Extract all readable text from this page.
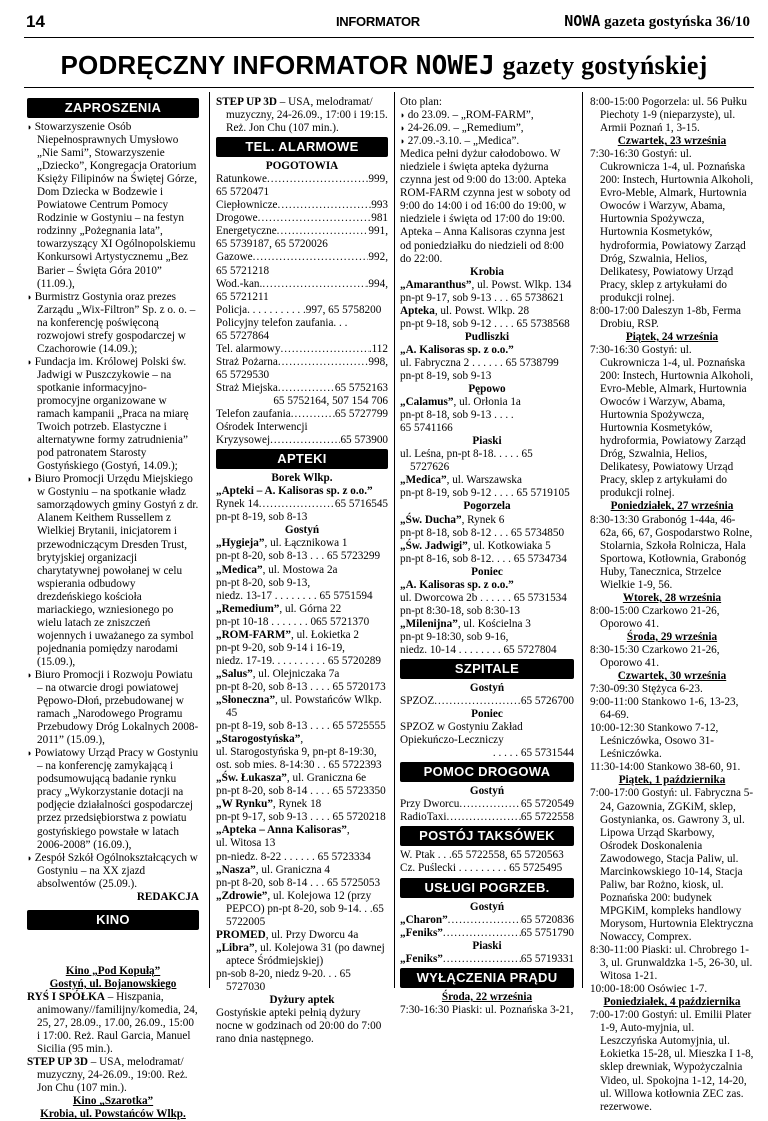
14	INFORMATOR	NOWA gazeta gostyńska 36/10
PODRĘCZNY INFORMATOR NOWEJ gazety gostyńskiej
ZAPROSZENIA

◗ Stowarzyszenie Osób Niepełnosprawnych Umysłowo „Nie Sami”, Stowarzyszenie „Dziecko”, Kongregacja Oratorium Księży Filipinów na Świętej Górze, Dom Dziecka w Bodzewie i Powiatowe Centrum Pomocy Rodzinie w Gostyniu – na festyn rodzinny „Pożegnania lata”, towarzyszący XI Ogólnopolskiemu Konkursowi Artystycznemu „Bez Barier – Święta Góra 2010” (11.09.),

◗ Burmistrz Gostynia oraz prezes Zarządu „Wix-Filtron” Sp. z o. o. – na konferencję poświęconą rozwojowi strefy gospodarczej w Czachorowie (14.09.);

◗ Fundacja im. Królowej Polski św. Jadwigi w Puszczykowie – na spotkanie informacyjno-promocyjne organizowane w ramach kampanii „Praca na miarę Twoich potrzeb. Elastyczne i alternatywne formy zatrudnienia” pod patronatem Starosty Gostyńskiego (Gostyń, 14.09.);

◗ Biuro Promocji Urzędu Miejskiego w Gostyniu – na spotkanie władz samorządowych gminy Gostyń z dr. Alanem Keithem Russellem z Wielkiej Brytanii, inicjatorem i przewodniczącym Dresden Trust, brytyjskiej organizacji charytatywnej powołanej w celu wspierania odbudowy drezdeńskiego kościoła mariackiego, wzniesionego po wielu latach ze zniszczeń wojennych i uważanego za symbol pojednania pomiędzy narodami (15.09.),

◗ Biuro Promocji i Rozwoju Powiatu – na otwarcie drogi powiatowej Pępowo-Dłoń, przebudowanej w ramach „Narodowego Programu Przebudowy Dróg Lokalnych 2008-2011” (15.09.),

◗ Powiatowy Urząd Pracy w Gostyniu – na konferencję zamykającą i podsumowującą badanie rynku pracy „Wykorzystanie dotacji na podjęcie działalności gospodarczej przez przedsiębiorstwa z powiatu gostyńskiego powstałe w latach 2006-2008” (16.09.),

◗ Zespół Szkół Ogólnokształcących w Gostyniu – na XX zjazd absolwentów (25.09.).

REDAKCJA
KINO
Kino „Pod Kopułą”
Gostyń, ul. Bojanowskiego

RYŚ I SPÓŁKA – Hiszpania, animowany//familijny/komedia, 24, 25, 27, 28.09., 17.00, 26.09., 15:00 i 17:00. Reż. Raul Garcia, Manuel Sicilia (95 min.).

STEP UP 3D – USA, melodramat/ muzyczny, 24-26.09., 19:00. Reż. Jon Chu (107 min.).

Kino „Szarotka”
Krobia, ul. Powstańców Wlkp.

STEP UP 3D – USA, melodramat/ muzyczny, 24-26.09., 17:00 i 19:15. Reż. Jon Chu (107 min.).

TEL. ALARMOWE
POGOTOWIA
Ratunkowe .....	.999,
65 5720471
Ciepłownicze .....	993
Drogowe .....	981
Energetyczne .....	991,
65 5739187, 65 5720026
Gazowe .....	992,
65 5721218
Wod.-kan. .....	.994,
65 5721211
Policja. . . . . . . . . . .997, 65 5758200
Policyjny telefon zaufania. . .
65 5727864
Tel. alarmowy .....	.112
Straż Pożarna .....	998,
65 5729530
Straż Miejska .....	65 5752163
65 5752164, 507 154 706
Telefon zaufania .....	65 5727799
Ośrodek Interwencji
Kryzysowej .....	65 573900
APTEKI
Borek Wlkp.
„Apteki – A. Kalisoras sp. z o.o.”
Rynek 14 .....	65 5716545
pn-pt 8-19, sob 8-13
Gostyń
„Hygieja”, ul. Łącznikowa 1
pn-pt 8-20, sob 8-13 . . . 65 5723299
„Medica”, ul. Mostowa 2a
pn-pt 8-20, sob 9-13,
niedz. 13-17 . . . . . . . . 65 5751594
„Remedium”, ul. Górna 22
pn-pt 10-18 . . . . . . . 065 5721370
„ROM-FARM”, ul. Łokietka 2
pn-pt 9-20, sob 9-14 i 16-19,
niedz. 17-19. . . . . . . . . . 65 5720289
„Salus”, ul. Olejniczaka 7a
pn-pt 8-20, sob 8-13 . . . . 65 5720173
„Słoneczna”, ul. Powstańców Wlkp. 45
pn-pt 8-19, sob 8-13 . . . . 65 5725555
„Starogostyńska”,
ul. Starogostyńska 9, pn-pt 8-19:30,
ost. sob mies. 8-14:30 . . 65 5722393
„Św. Łukasza”, ul. Graniczna 6e
pn-pt 8-20, sob 8-14 . . . . 65 5723350
„W Rynku”, Rynek 18
pn-pt 9-17, sob 9-13 . . . . 65 5720218
„Apteka – Anna Kalisoras”,
ul. Witosa 13
pn-niedz. 8-22 . . . . . . 65 5723334
„Nasza”, ul. Graniczna 4
pn-pt 8-20, sob 8-14 . . . 65 5725053
„Zdrowie”, ul. Kolejowa 12 (przy PEPCO) pn-pt 8-20, sob 9-14. . .65 5722005
PROMED, ul. Przy Dworcu 4a
„Libra”, ul. Kolejowa 31 (po dawnej aptece Śródmiejskiej)
pn-sob 8-20, niedz 9-20. . . 65 5727030
Dyżury aptek
Gostyńskie apteki pełnią dyżury nocne w godzinach od 20:00 do 7:00 rano dnia następnego.
Oto plan:
◗ do 23.09. – „ROM-FARM”,
◗ 24-26.09. – „Remedium”,
◗ 27.09.-3.10. – „Medica”.
Medica pełni dyżur całodobowo. W niedziele i święta apteka dyżurna czynna jest od 9:00 do 13:00. Apteka ROM-FARM czynna jest w soboty od 9:00 do 14:00 i od 16:00 do 19:00, w niedziele i święta od 17:00 do 19:00. Apteka – Anna Kalisoras czynna jest od poniedziałku do niedzieli od 8:00 do 22:00.
Krobia
„Amaranthus”, ul. Powst. Wlkp. 134
pn-pt 9-17, sob 9-13 . . . 65 5738621
Apteka, ul. Powst. Wlkp. 28
pn-pt 9-18, sob 9-12 . . . . 65 5738568
Pudliszki
„A. Kalisoras sp. z o.o.”
ul. Fabryczna 2 . . . . . . 65 5738799
pn-pt 8-19, sob 9-13
Pępowo
„Calamus”, ul. Orłonia 1a
pn-pt 8-18, sob 9-13 . . . .
65 5741166
Piaski
ul. Leśna, pn-pt 8-18. . . . . 65 5727626
„Medica”, ul. Warszawska
pn-pt 8-19, sob 9-12 . . . . 65 5719105
Pogorzela
„Św. Ducha”, Rynek 6
pn-pt 8-18, sob 8-12 . . . 65 5734850
„Św. Jadwigi”, ul. Kotkowiaka 5
pn-pt 8-16, sob 8-12. . . . 65 5734734
Poniec
„A. Kalisoras sp. z o.o.”
ul. Dworcowa 2b . . . . . . 65 5731534
pn-pt 8:30-18, sob 8:30-13
„Milenijna”, ul. Kościelna 3
pn-pt 9-18:30, sob 9-16,
niedz. 10-14 . . . . . . . . 65 5727804
SZPITALE
Gostyń
SPZOZ .....	65 5726700
Poniec
SPZOZ w Gostyniu Zakład Opiekuńczo-Leczniczy
. . . . . 65 5731544
POMOC DROGOWA
Gostyń
Przy Dworcu .....	65 5720549
RadioTaxi .....	65 5722558
POSTÓJ TAKSÓWEK
W. Ptak . . .65 5722558, 65 5720563
Cz. Puślecki . . . . . . . . . 65 5725495
USŁUGI POGRZEB.
Gostyń
„Charon” .....	65 5720836
„Feniks” .....	65 5751790
Piaski
„Feniks” .....	65 5719331
WYŁĄCZENIA PRĄDU
Środa, 22 września
7:30-16:30 Piaski: ul. Poznańska 3-21,
8:00-15:00 Pogorzela: ul. 56 Pułku Piechoty 1-9 (nieparzyste), ul. Armii Poznań 1, 3-15.
Czwartek, 23 września
7:30-16:30 Gostyń: ul. Cukrownicza 1-4, ul. Poznańska 200: Instech, Hurtownia Alkoholi, Evro-Meble, Almark, Hurtownia Owoców i Warzyw, Abama, Hurtownia Spożywcza, Hurtownia Kosmetyków, hydroformia, Powiatowy Zarząd Dróg, Szwalnia, Helios, Delikatesy, Powiatowy Urząd Pracy, sklep z artykułami do produkcji rolnej.
8:00-17:00 Daleszyn 1-8b, Ferma Drobiu, RSP.
Piątek, 24 września
7:30-16:30 Gostyń: ul. Cukrownicza 1-4, ul. Poznańska 200: Instech, Hurtownia Alkoholi, Evro-Meble, Almark, Hurtownia Owoców i Warzyw, Abama, Hurtownia Spożywcza, Hurtownia Kosmetyków, hydroformia, Powiatowy Zarząd Dróg, Szwalnia, Helios, Delikatesy, Powiatowy Urząd Pracy, sklep z artykułami do produkcji rolnej.
Poniedziałek, 27 września
8:30-13:30 Grabonóg 1-44a, 46-62a, 66, 67, Gospodarstwo Rolne, Stolarnia, Szkoła Rolnicza, Hala Sportowa, Kotłownia, Grabonóg Huby, Tanecznica, Strzelce Wielkie 1-9, 56.
Wtorek, 28 września
8:00-15:00 Czarkowo 21-26, Oporowo 41.
Środa, 29 września
8:30-15:30 Czarkowo 21-26, Oporowo 41.
Czwartek, 30 września
7:30-09:30 Stężyca 6-23.
9:00-11:00 Stankowo 1-6, 13-23, 64-69.
10:00-12:30 Stankowo 7-12, Leśniczówka, Osowo 31-Leśniczówka.
11:30-14:00 Stankowo 38-60, 91.
Piątek, 1 października
7:00-17:00 Gostyń: ul. Fabryczna 5-24, Gazownia, ZGKiM, sklep, Gostynianka, os. Gawrony 3, ul. Lipowa Urząd Skarbowy, Ośrodek Doskonalenia Zawodowego, Stacja Paliw, ul. Marcinkowskiego 10-14, Stacja Paliw, bar Rożno, kiosk, ul. Poznańska 200: budynek MPGKiM, kompleks handlowy Morysom, Hurtownia Elektryczna Nowaccy, Comprex.
8:30-11:00 Piaski: ul. Chrobrego 1-3, ul. Grunwaldzka 1-5, 26-30, ul. Witosa 1-21.
10:00-18:00 Osówiec 1-7.
Poniedziałek, 4 października
7:00-17:00 Gostyń: ul. Emilii Plater 1-9, Auto-myjnia, ul. Leszczyńska Automyjnia, ul. Łokietka 15-28, ul. Mieszka I 1-8, sklep drewniak, Wypożyczalnia Video, ul. Spokojna 1-12, 14-20, ul. Willowa kotłownia ZEC zas. rezerwowe.
